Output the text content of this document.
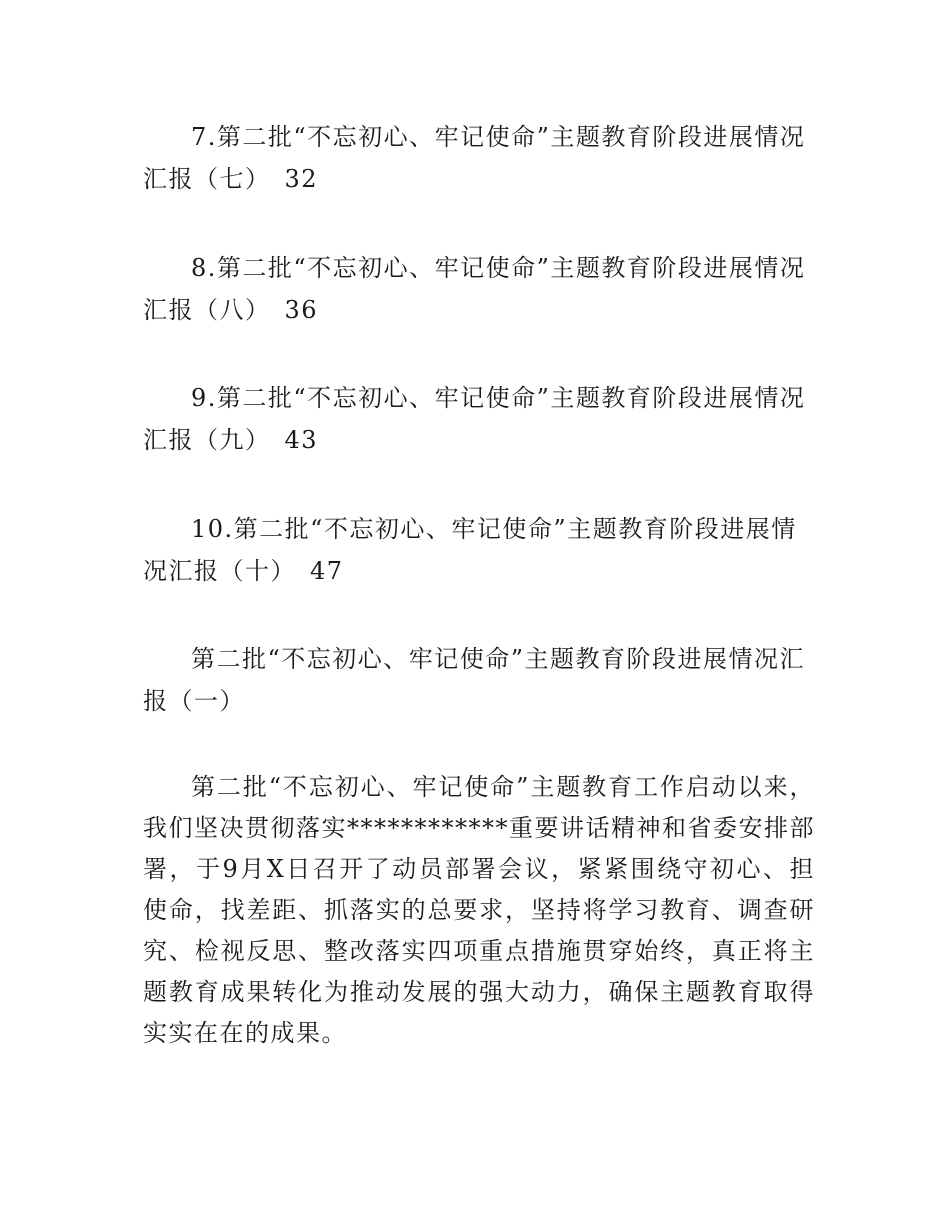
7.第二批“不忘初心、牢记使命”主题教育阶段进展情况汇报（七） 32

8.第二批“不忘初心、牢记使命”主题教育阶段进展情况汇报（八） 36

9.第二批“不忘初心、牢记使命”主题教育阶段进展情况汇报（九） 43

10.第二批“不忘初心、牢记使命”主题教育阶段进展情况汇报（十） 47

第二批“不忘初心、牢记使命”主题教育阶段进展情况汇报（一）

第二批“不忘初心、牢记使命”主题教育工作启动以来，我们坚决贯彻落实************重要讲话精神和省委安排部署，于9月X日召开了动员部署会议，紧紧围绕守初心、担使命，找差距、抓落实的总要求，坚持将学习教育、调查研究、检视反思、整改落实四项重点措施贯穿始终，真正将主题教育成果转化为推动发展的强大动力，确保主题教育取得实实在在的成果。
